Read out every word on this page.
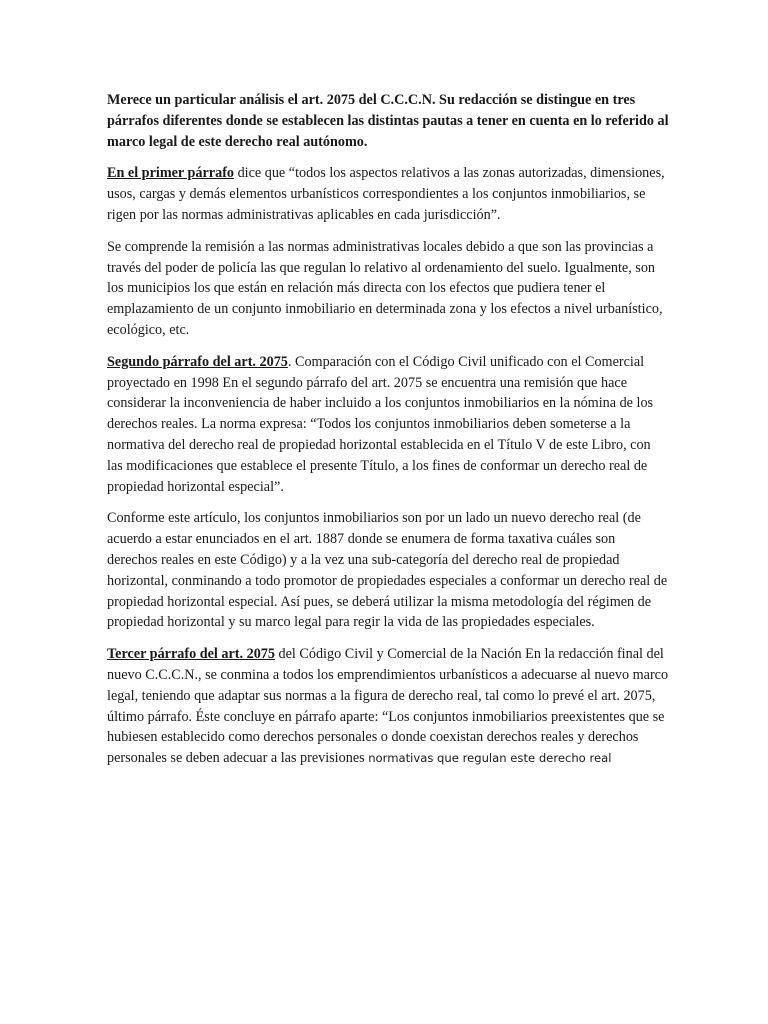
Merece un particular análisis el art. 2075 del C.C.C.N. Su redacción se distingue en tres párrafos diferentes donde se establecen las distintas pautas a tener en cuenta en lo referido al marco legal de este derecho real autónomo.

En el primer párrafo dice que “todos los aspectos relativos a las zonas autorizadas, dimensiones, usos, cargas y demás elementos urbanísticos correspondientes a los conjuntos inmobiliarios, se rigen por las normas administrativas aplicables en cada jurisdicción”.

Se comprende la remisión a las normas administrativas locales debido a que son las provincias a través del poder de policía las que regulan lo relativo al ordenamiento del suelo. Igualmente, son los municipios los que están en relación más directa con los efectos que pudiera tener el emplazamiento de un conjunto inmobiliario en determinada zona y los efectos a nivel urbanístico, ecológico, etc.

Segundo párrafo del art. 2075. Comparación con el Código Civil unificado con el Comercial proyectado en 1998 En el segundo párrafo del art. 2075 se encuentra una remisión que hace considerar la inconveniencia de haber incluido a los conjuntos inmobiliarios en la nómina de los derechos reales. La norma expresa: “Todos los conjuntos inmobiliarios deben someterse a la normativa del derecho real de propiedad horizontal establecida en el Título V de este Libro, con las modificaciones que establece el presente Título, a los fines de conformar un derecho real de propiedad horizontal especial”.

Conforme este artículo, los conjuntos inmobiliarios son por un lado un nuevo derecho real (de acuerdo a estar enunciados en el art. 1887 donde se enumera de forma taxativa cuáles son derechos reales en este Código) y a la vez una sub-categoría del derecho real de propiedad horizontal, conminando a todo promotor de propiedades especiales a conformar un derecho real de propiedad horizontal especial. Así pues, se deberá utilizar la misma metodología del régimen de propiedad horizontal y su marco legal para regir la vida de las propiedades especiales.

Tercer párrafo del art. 2075 del Código Civil y Comercial de la Nación En la redacción final del nuevo C.C.C.N., se conmina a todos los emprendimientos urbanísticos a adecuarse al nuevo marco legal, teniendo que adaptar sus normas a la figura de derecho real, tal como lo prevé el art. 2075, último párrafo. Éste concluye en párrafo aparte: “Los conjuntos inmobiliarios preexistentes que se hubiesen establecido como derechos personales o donde coexistan derechos reales y derechos personales se deben adecuar a las previsiones normativas que regulan este derecho real
